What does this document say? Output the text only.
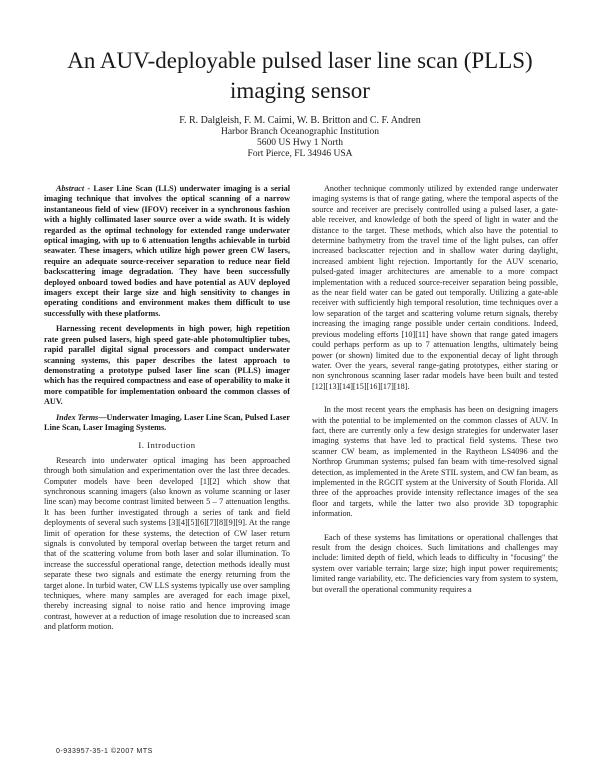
An AUV-deployable pulsed laser line scan (PLLS) imaging sensor
F. R. Dalgleish, F. M. Caimi, W. B. Britton and C. F. Andren
Harbor Branch Oceanographic Institution
5600 US Hwy 1 North
Fort Pierce, FL 34946 USA

Abstract - Laser Line Scan (LLS) underwater imaging is a serial imaging technique that involves the optical scanning of a narrow instantaneous field of view (IFOV) receiver in a synchronous fashion with a highly collimated laser source over a wide swath. It is widely regarded as the optimal technology for extended range underwater optical imaging, with up to 6 attenuation lengths achievable in turbid seawater. These imagers, which utilize high power green CW lasers, require an adequate source-receiver separation to reduce near field backscattering image degradation. They have been successfully deployed onboard towed bodies and have potential as AUV deployed imagers except their large size and high sensitivity to changes in operating conditions and environment makes them difficult to use successfully with these platforms.

Harnessing recent developments in high power, high repetition rate green pulsed lasers, high speed gate-able photomultiplier tubes, rapid parallel digital signal processors and compact underwater scanning systems, this paper describes the latest approach to demonstrating a prototype pulsed laser line scan (PLLS) imager which has the required compactness and ease of operability to make it more compatible for implementation onboard the common classes of AUV.

Index Terms—Underwater Imaging, Laser Line Scan, Pulsed Laser Line Scan, Laser Imaging Systems.

I. Introduction

Research into underwater optical imaging has been approached through both simulation and experimentation over the last three decades. Computer models have been developed [1][2] which show that synchronous scanning imagers (also known as volume scanning or laser line scan) may become contrast limited between 5 – 7 attenuation lengths. It has been further investigated through a series of tank and field deployments of several such systems [3][4][5][6][7][8][9][9]. At the range limit of operation for these systems, the detection of CW laser return signals is convoluted by temporal overlap between the target return and that of the scattering volume from both laser and solar illumination. To increase the successful operational range, detection methods ideally must separate these two signals and estimate the energy returning from the target alone. In turbid water, CW LLS systems typically use over sampling techniques, where many samples are averaged for each image pixel, thereby increasing signal to noise ratio and hence improving image contrast, however at a reduction of image resolution due to increased scan and platform motion.

Another technique commonly utilized by extended range underwater imaging systems is that of range gating, where the temporal aspects of the source and receiver are precisely controlled using a pulsed laser, a gate-able receiver, and knowledge of both the speed of light in water and the distance to the target. These methods, which also have the potential to determine bathymetry from the travel time of the light pulses, can offer increased backscatter rejection and in shallow water during daylight, increased ambient light rejection. Importantly for the AUV scenario, pulsed-gated imager architectures are amenable to a more compact implementation with a reduced source-receiver separation being possible, as the near field water can be gated out temporally. Utilizing a gate-able receiver with sufficiently high temporal resolution, time techniques over a low separation of the target and scattering volume return signals, thereby increasing the imaging range possible under certain conditions. Indeed, previous modeling efforts [10][11] have shown that range gated imagers could perhaps perform as up to 7 attenuation lengths, ultimately being power (or shown) limited due to the exponential decay of light through water. Over the years, several range-gating prototypes, either staring or non synchronous scanning laser radar models have been built and tested [12][13][14][15][16][17][18].

In the most recent years the emphasis has been on designing imagers with the potential to be implemented on the common classes of AUV. In fact, there are currently only a few design strategies for underwater laser imaging systems that have led to practical field systems. These two scanner CW beam, as implemented in the Raytheon LS4096 and the Northrop Grumman systems; pulsed fan beam with time-resolved signal detection, as implemented in the Arete STIL system, and CW fan beam, as implemented in the RGCIT system at the University of South Florida. All three of the approaches provide intensity reflectance images of the sea floor and targets, while the latter two also provide 3D topographic information.

Each of these systems has limitations or operational challenges that result from the design choices. Such limitations and challenges may include: limited depth of field, which leads to difficulty in "focusing" the system over variable terrain; large size; high input power requirements; limited range variability, etc. The deficiencies vary from system to system, but overall the operational community requires a

0-933957-35-1 ©2007 MTS
